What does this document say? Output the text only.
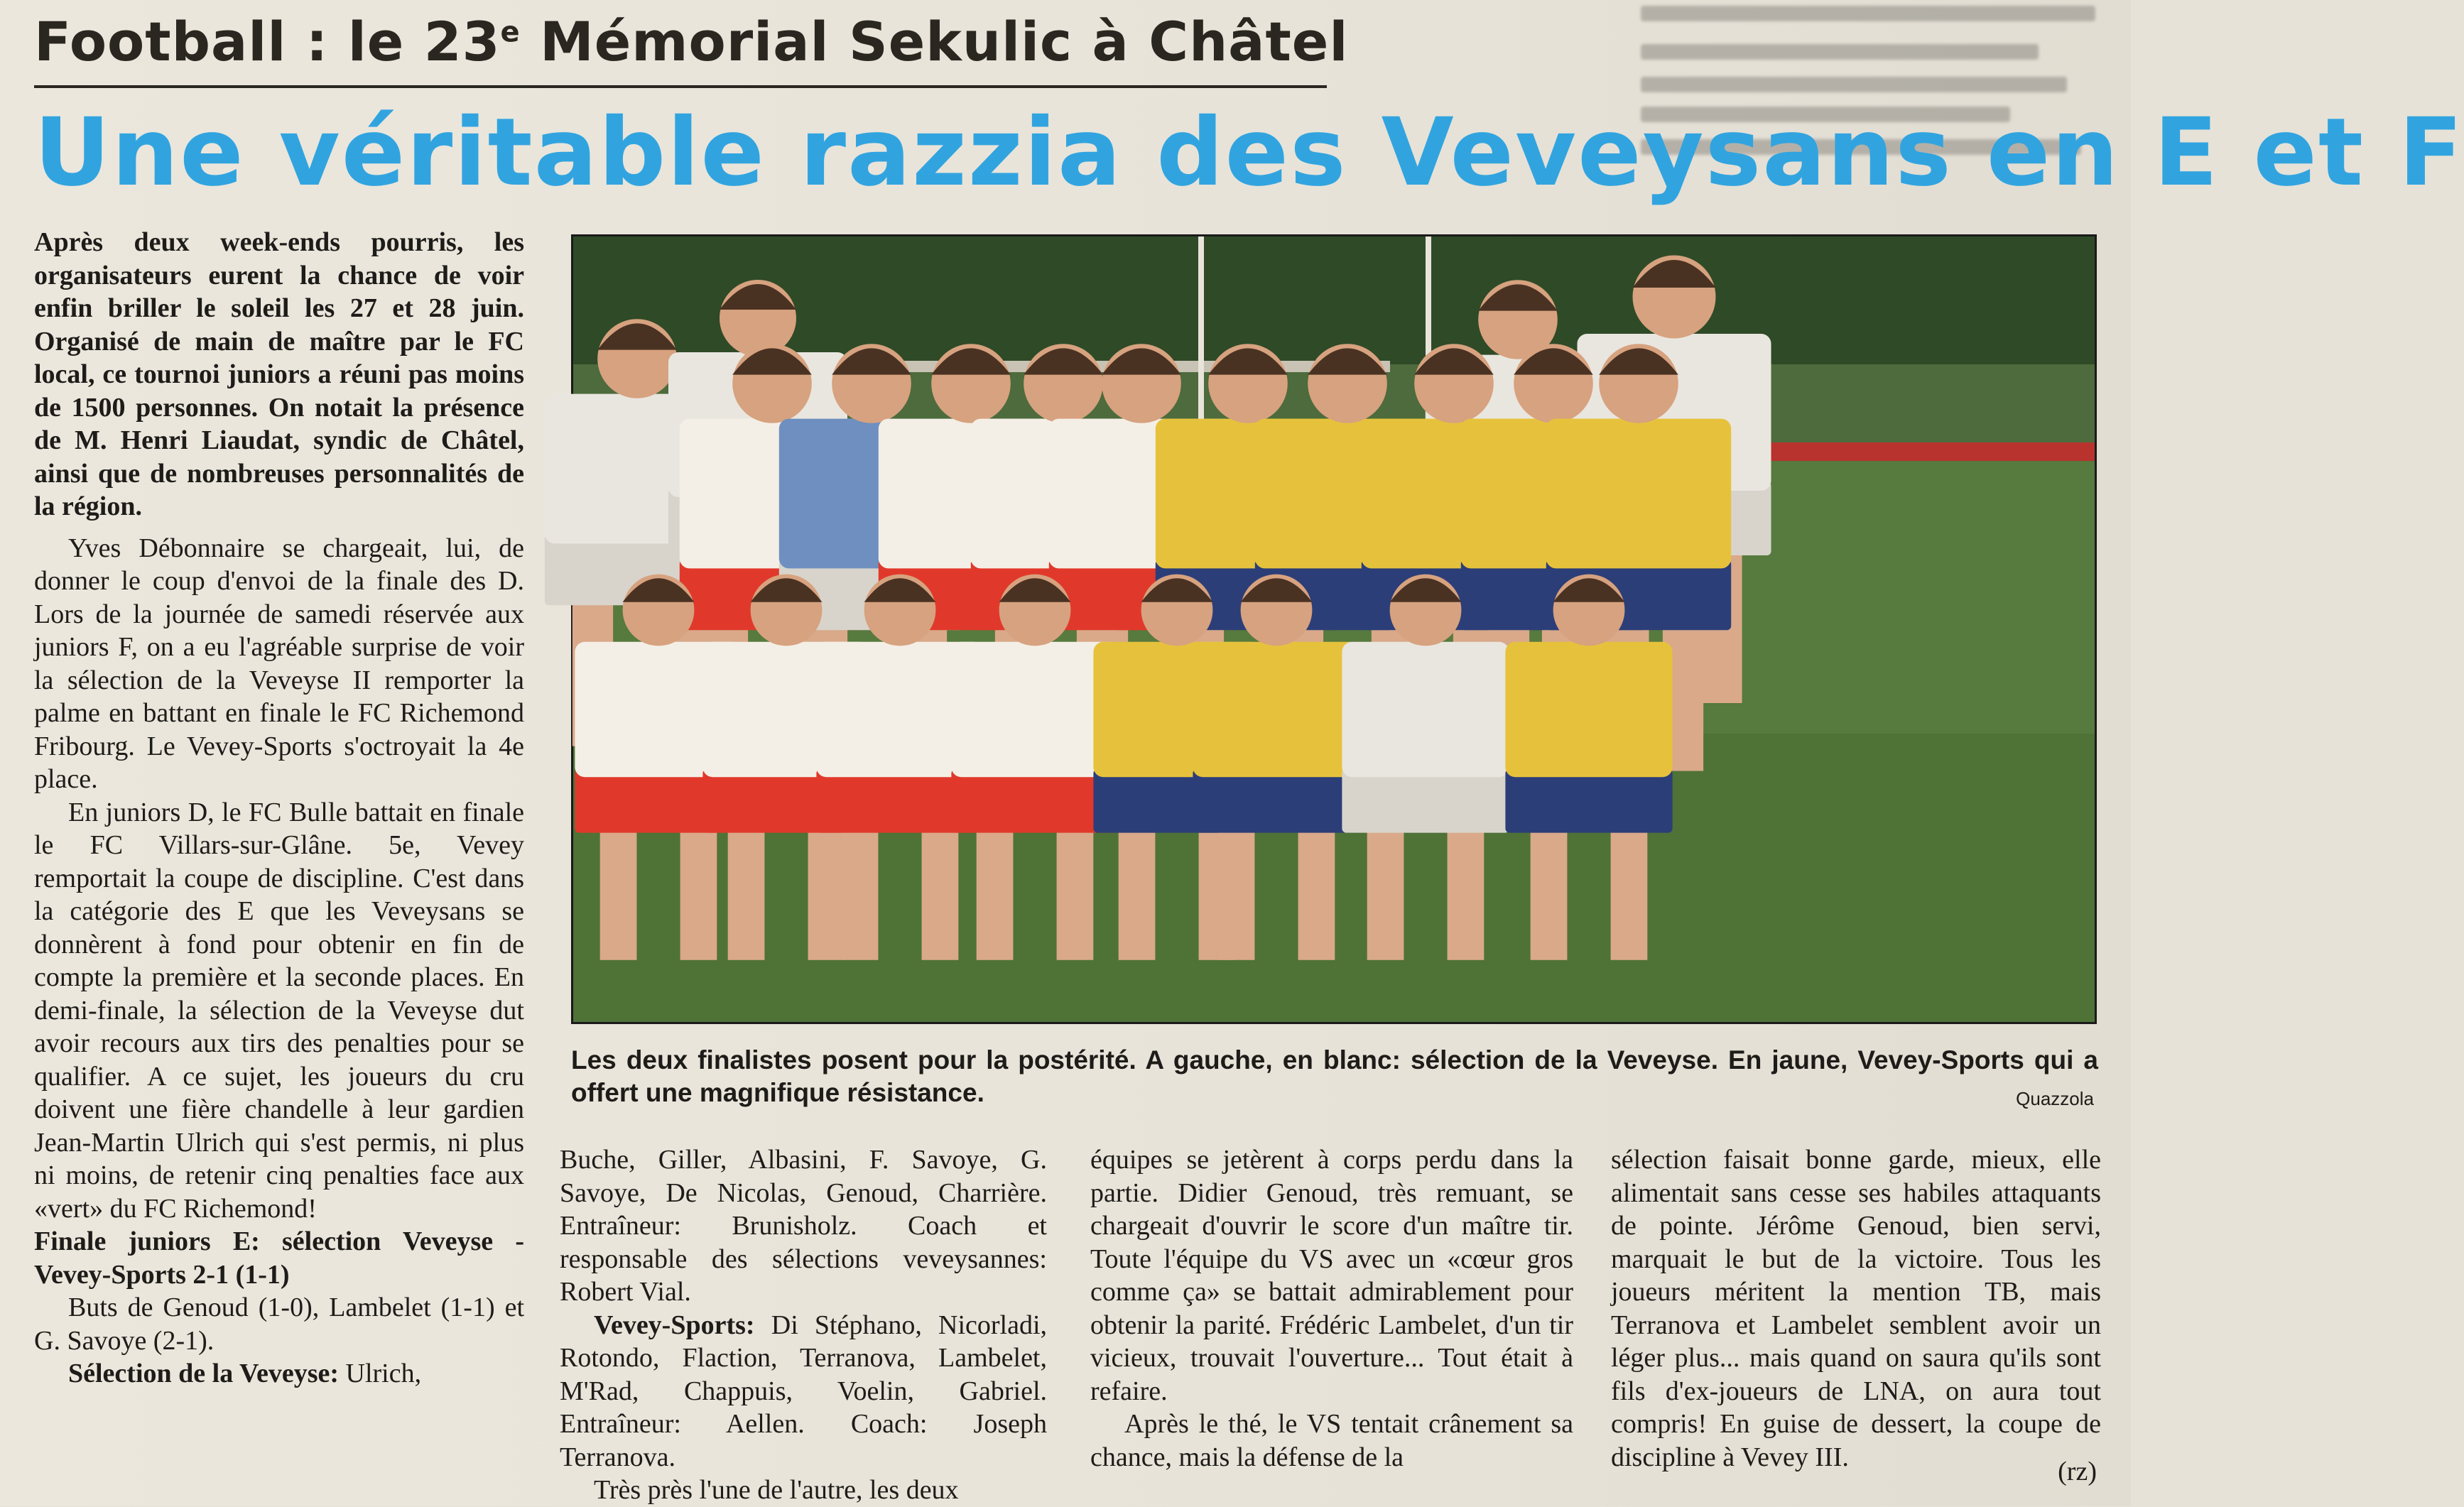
Football : le 23e Mémorial Sekulic à Châtel
Une véritable razzia des Veveysans en E et F

Après deux week-ends pourris, les organisateurs eurent la chance de voir enfin briller le soleil les 27 et 28 juin. Organisé de main de maître par le FC local, ce tournoi juniors a réuni pas moins de 1500 personnes. On notait la présence de M. Henri Liaudat, syndic de Châtel, ainsi que de nombreuses personnalités de la région.

Yves Débonnaire se chargeait, lui, de donner le coup d'envoi de la finale des D. Lors de la journée de samedi réservée aux juniors F, on a eu l'agréable surprise de voir la sélection de la Veveyse II remporter la palme en battant en finale le FC Richemond Fribourg. Le Vevey-Sports s'octroyait la 4e place.

En juniors D, le FC Bulle battait en finale le FC Villars-sur-Glâne. 5e, Vevey remportait la coupe de discipline. C'est dans la catégorie des E que les Veveysans se donnèrent à fond pour obtenir en fin de compte la première et la seconde places. En demi-finale, la sélection de la Veveyse dut avoir recours aux tirs des penalties pour se qualifier. A ce sujet, les joueurs du cru doivent une fière chandelle à leur gardien Jean-Martin Ulrich qui s'est permis, ni plus ni moins, de retenir cinq penalties face aux «vert» du FC Richemond!

Finale juniors E: sélection Veveyse - Vevey-Sports 2-1 (1-1)

Buts de Genoud (1-0), Lambelet (1-1) et G. Savoye (2-1).

Sélection de la Veveyse: Ulrich,

Les deux finalistes posent pour la postérité. A gauche, en blanc: sélection de la Veveyse. En jaune, Vevey-Sports qui a offert une magnifique résistance.	Quazzola

Buche, Giller, Albasini, F. Savoye, G. Savoye, De Nicolas, Genoud, Charrière. Entraîneur: Brunisholz. Coach et responsable des sélections veveysannes: Robert Vial.

Vevey-Sports: Di Stéphano, Nicorladi, Rotondo, Flaction, Terranova, Lambelet, M'Rad, Chappuis, Voelin, Gabriel. Entraîneur: Aellen. Coach: Joseph Terranova.

Très près l'une de l'autre, les deux

équipes se jetèrent à corps perdu dans la partie. Didier Genoud, très remuant, se chargeait d'ouvrir le score d'un maître tir. Toute l'équipe du VS avec un «cœur gros comme ça» se battait admirablement pour obtenir la parité. Frédéric Lambelet, d'un tir vicieux, trouvait l'ouverture... Tout était à refaire.

Après le thé, le VS tentait crânement sa chance, mais la défense de la

sélection faisait bonne garde, mieux, elle alimentait sans cesse ses habiles attaquants de pointe. Jérôme Genoud, bien servi, marquait le but de la victoire. Tous les joueurs méritent la mention TB, mais Terranova et Lambelet semblent avoir un léger plus... mais quand on saura qu'ils sont fils d'ex-joueurs de LNA, on aura tout compris! En guise de dessert, la coupe de discipline à Vevey III.	(rz)
